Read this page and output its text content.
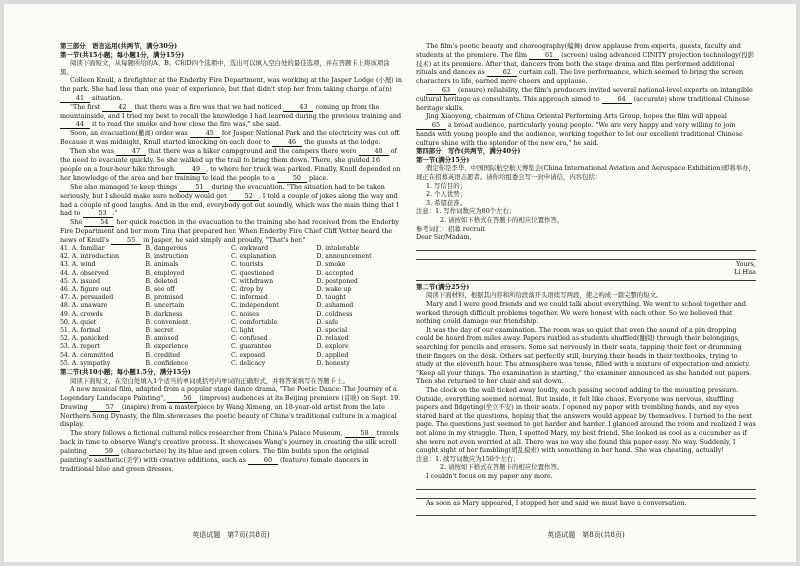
第三部分　语言运用(共两节，满分30分)

第一节(共15小题；每小题1分，满分15分)

阅读下面短文，从每题所给的A、B、C和D四个选项中，选出可以填入空白处的最佳选项，并在答题卡上将该项涂黑。

Colleen Knull, a firefighter at the Enderby Fire Department, was working at the Jasper Lodge (小屋) in the park. She had less than one year of experience, but that didn't stop her from taking charge of a(n) 41 situation.

"The first	42 that there was a fire was that we had noticed	43 coming up from the mountainside, and I tried my best to recall the knowledge I had learned during the previous training and 44 it to read the smoke and how close the fire was," she said.

Soon, an evacuation(撤离) order was	45 for Jasper National Park and the electricity was cut off. Because it was midnight, Knull started knocking on each door to	46 the guests at the lodge.

Then she was	47 that there was a hiker campground and the campers there were	48 of the need to evacuate quickly. So she walked up the trail to bring them down. There, she guided 16 people on a four-hour hike through	49 , to where her truck was parked. Finally, Knull depended on her knowledge of the area and her training to lead the people to a	50 place.

She also managed to keep things	51 during the evacuation. "The situation had to be taken seriously, but I should make sure nobody would get	52 . I told a couple of jokes along the way and had a couple of good laughs. And in the end, everybody got out soundly, which was the main thing that I had to	53 ."

She	54 her quick reaction in the evacuation to the training she had received from the Enderby Fire Department and her mom Tina that prepared her. When Enderby Fire Chief Cliff Vetter heard the news of Knull's	55 in Jasper, he said simply and proudly, "That's her."

41. A. familiar	B. dangerous	C. awkward	D. intolerable
42. A. introduction	B. instruction	C. explanation	D. announcement
43. A. wind	B. animals	C. tourists	D. smoke
44. A. observed	B. employed	C. questioned	D. accepted
45. A. issued	B. deleted	C. withdrawn	D. postponed
46. A. figure out	B. see off	C. drop by	D. wake up
47. A. persuaded	B. promised	C. informed	D. taught
48. A. unaware	B. uncertain	C. independent	D. ashamed
49. A. crowds	B. darkness	C. noises	D. coldness
50. A. quiet	B. convenient	C. comfortable	D. safe
51. A. formal	B. secret	C. light	D. special
52. A. panicked	B. amused	C. confused	D. relaxed
53. A. report	B. experience	C. guarantee	D. explore
54. A. committed	B. credited	C. exposed	D. applied
55. A. sympathy	B. confidence	C. delicacy	D. honesty

第二节(共10小题；每小题1.5分，满分15分)

阅读下面短文，在空白处填入1个适当的单词或括号内单词的正确形式，并将答案填写在答题卡上。

A new musical film, adapted from a popular stage dance drama, "The Poetic Dance: The Journey of a Legendary Landscape Painting",	56 (impress) audiences at its Beijing premiere (首映) on Sept. 19. Drawing	57 (inspire) from a masterpiece by Wang Ximeng, an 18-year-old artist from the late Northern Song Dynasty, the film showcases the poetic beauty of China's traditional culture in a magical display.

The story follows a fictional cultural relics researcher from China's Palace Museum,	58 travels back in time to observe Wang's creative process. It showcases Wang's journey in creating the silk scroll painting	59 (characterize) by its blue and green colors. The film builds upon the original painting's aesthetic(美学) with creative additions, such as	60 (feature) female dancers in traditional blue and green dresses.

英语试题　第7页(共8页)

The film's poetic beauty and choreography(编舞) drew applause from experts, guests, faculty and students at the premiere. The film	61 (screen) using advanced CINITY projection technology(投影技术) at its premiere. After that, dancers from both the stage drama and film performed additional rituals and dances as	62 curtain call. The live performance, which seemed to bring the screen characters to life, earned more cheers and applause.

63 (ensure) reliability, the film's producers invited several national-level experts on intangible cultural heritage as consultants. This approach aimed to	64 (accurate) show traditional Chinese heritage skills.

Jing Xiaoyong, chairman of China Oriental Performing Arts Group, hopes the film will appeal 65 a broad audience, particularly young people. "We are very happy and very willing to join hands with young people and the audience, working together to let our excellent traditional Chinese culture shine with the splendor of the new era," he said.

第四部分　写作(共两节，满分40分)

第一节(满分15分)

假定你是李华，中国国际航空航天博览会(China International Aviation and Aerospace Exhibition)即将举办，现正在招募英语志愿者。请你给组委会写一封申请信，内容包括：

1. 写信目的；

2. 个人优势；

3. 希望获准。

注意：1. 写作词数应为80个左右；

2. 请按如下格式在答题卡的相应位置作答。

参考词汇：招募 recruit

Dear Sir/Madam,

Yours,

Li Hua

第二节(满分25分)

阅读下面材料，根据其内容和所给段落开头语续写两段，使之构成一篇完整的短文。

Mary and I were good friends and we could talk about everything. We went to school together and worked through difficult problems together. We were honest with each other. So we believed that nothing could damage our friendship.

It was the day of our examination. The room was so quiet that even the sound of a pin dropping could be heard from miles away. Papers rustled as students shuffled(翻阅) through their belongings, searching for pencils and erasers. Some sat nervously in their seats, tapping their feet or drumming their fingers on the desk. Others sat perfectly still, burying their heads in their textbooks, trying to study at the eleventh hour. The atmosphere was tense, filled with a mixture of expectation and anxiety. "Keep all your things. The examination is starting," the examiner announced as she handed out papers. Then she returned to her chair and sat down.

The clock on the wall ticked away loudly, each passing second adding to the mounting pressure. Outside, everything seemed normal. But inside, it felt like chaos. Everyone was nervous, shuffling papers and fidgeting(坐立不安) in their seats. I opened my paper with trembling hands, and my eyes stared hard at the questions, hoping that the answers would appear by themselves. I turned to the next page. The questions just seemed to get harder and harder. I glanced around the room and realized I was not alone in my struggle. Then, I spotted Mary, my best friend. She looked as cool as a cucumber as if she were not even worried at all. There was no way she found this paper easy. No way. Suddenly, I caught sight of her fumbling(胡乱摸索) with something in her hand. She was cheating, actually!

注意：1. 续写词数应为150个左右；

2. 请按如下格式在答题卡的相应位置作答。

I couldn't focus on my paper any more.

As soon as Mary appeared, I stopped her and said we must have a conversation.

英语试题　第8页(共8页)
